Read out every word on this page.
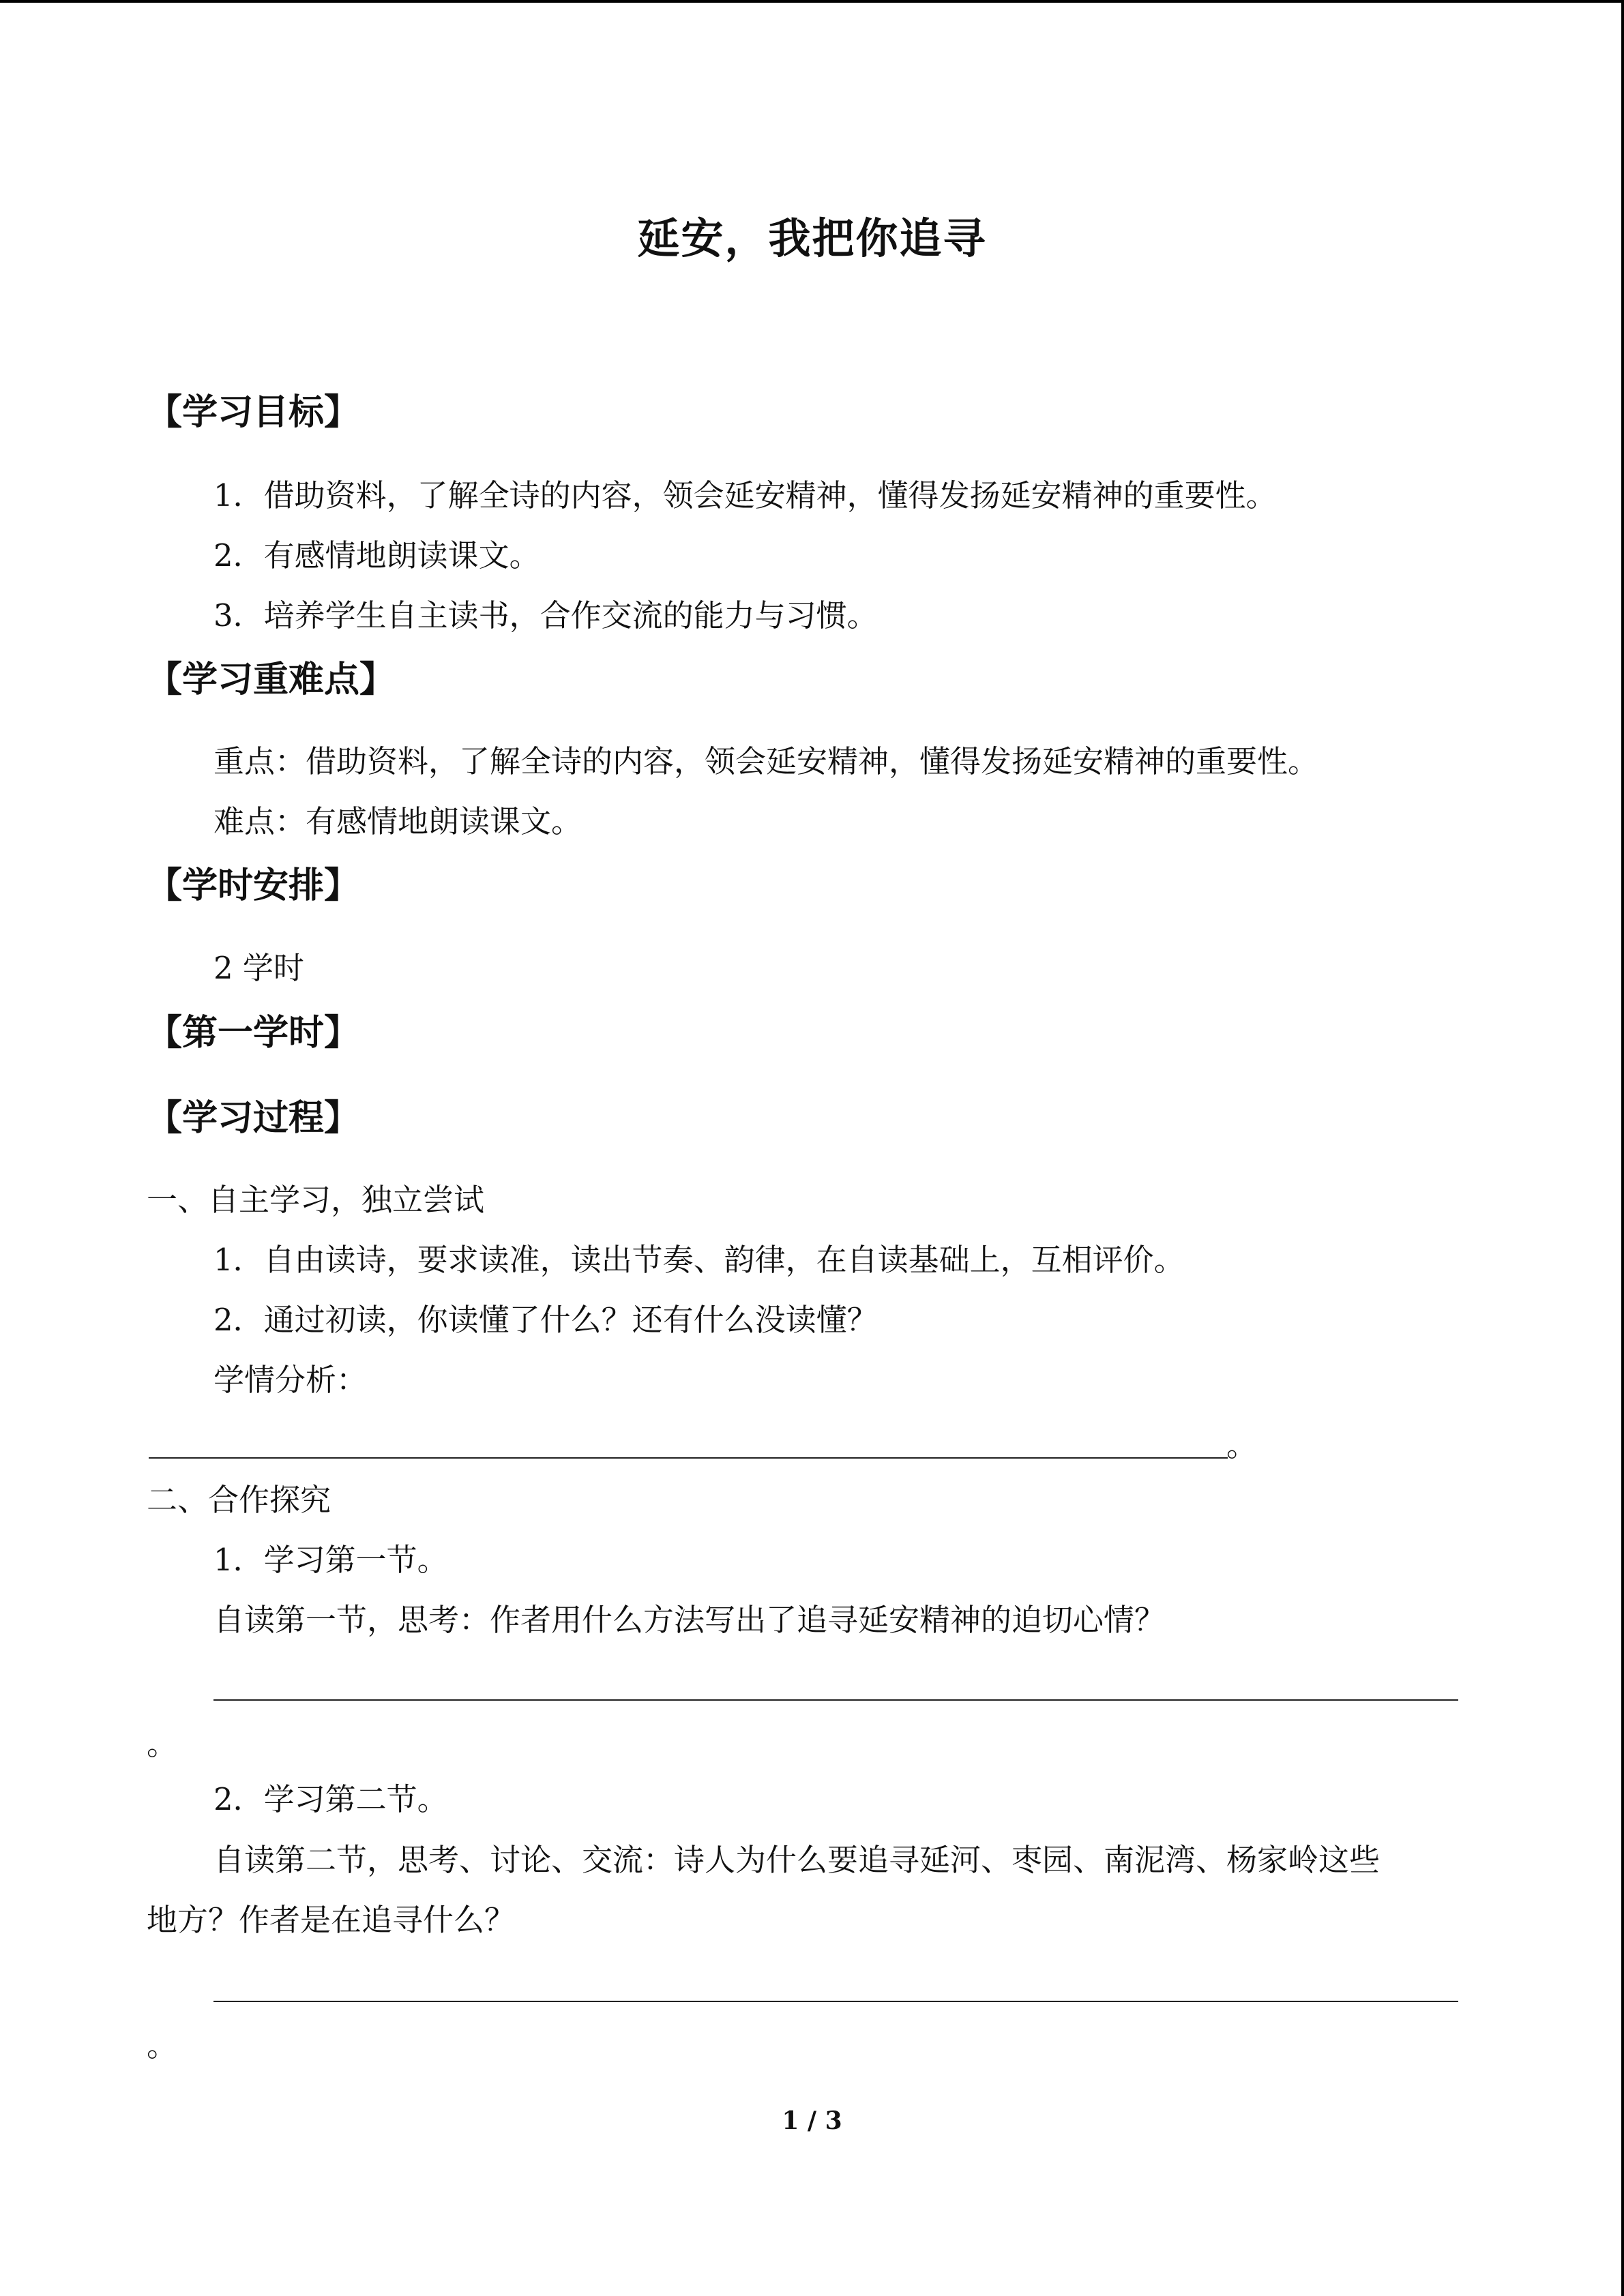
延安，我把你追寻
【学习目标】
1．借助资料，了解全诗的内容，领会延安精神，懂得发扬延安精神的重要性。
2．有感情地朗读课文。
3．培养学生自主读书，合作交流的能力与习惯。
【学习重难点】
重点：借助资料，了解全诗的内容，领会延安精神，懂得发扬延安精神的重要性。
难点：有感情地朗读课文。
【学时安排】
2 学时
【第一学时】
【学习过程】
一、自主学习，独立尝试
1．自由读诗，要求读准，读出节奏、韵律，在自读基础上，互相评价。
2．通过初读，你读懂了什么？还有什么没读懂？
学情分析：
。
二、合作探究
1．学习第一节。
自读第一节，思考：作者用什么方法写出了追寻延安精神的迫切心情？
。
2．学习第二节。
自读第二节，思考、讨论、交流：诗人为什么要追寻延河、枣园、南泥湾、杨家岭这些
地方？作者是在追寻什么？
。
1 / 3
